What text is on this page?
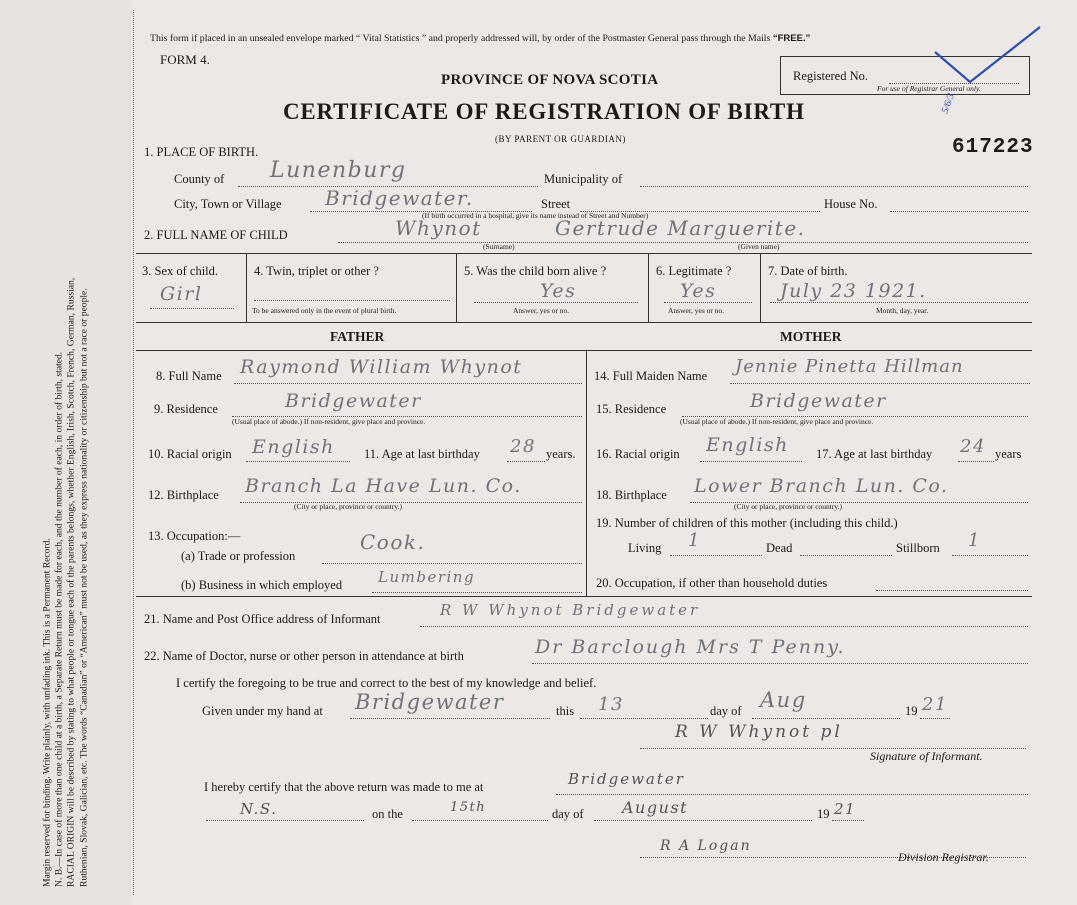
Margin reserved for binding. Write plainly, with unfading ink. This is a Permanent Record. N. B.—In case of more than one child at a birth, a Separate Return must be made for each, and the number of each, in order of birth, stated. RACIAL ORIGIN will be described by stating to what people or tongue each of the parents belongs, whether English, Irish, Scotch, French, German, Russian, Ruthenian, Slovak, Galician, etc. The words “Canadian” or “American” must not be used, as they express nationality or citizenship but not a race or people.
This form if placed in an unsealed envelope marked “ Vital Statistics ” and properly addressed will, by order of the Postmaster General pass through the Mails “FREE.”
FORM 4.
PROVINCE OF NOVA SCOTIA
CERTIFICATE OF REGISTRATION OF BIRTH
(BY PARENT OR GUARDIAN)
Registered No.
For use of Registrar General only.
5/6/3
617223
1. PLACE OF BIRTH.
County of Lunenburg	Municipality of
City, Town or Village Bridgewater.	Street	House No.
(If birth occurred in a hospital, give its name instead of Street and Number)
2. FULL NAME OF CHILD	Whynot	Gertrude Marguerite.
(Surname)	(Given name)
3. Sex of child.
Girl
4. Twin, triplet or other ?
To be answered only in the event of plural birth.
5. Was the child born alive ?
Yes
Answer, yes or no.
6. Legitimate ?
Yes
Answer, yes or no.
7. Date of birth.
July 23 1921.
Month, day, year.
FATHER	MOTHER
8. Full Name Raymond William Whynot
9. Residence	Bridgewater
(Usual place of abode.) If non-resident, give place and province.
10. Racial origin English 11. Age at last birthday 28 years.
12. Birthplace Branch La Have Lun. Co.
(City or place, province or country.)
13. Occupation:—
(a) Trade or profession
Cook.
(b) Business in which employed Lumbering
14. Full Maiden Name Jennie Pinetta Hillman
15. Residence	Bridgewater
(Usual place of abode.) If non-resident, give place and province.
16. Racial origin English 17. Age at last birthday 24 years
18. Birthplace Lower Branch Lun. Co.
(City or place, province or country.)
19. Number of children of this mother (including this child.)
Living 1	Dead	Stillborn 1
20. Occupation, if other than household duties
21. Name and Post Office address of Informant	R W Whynot Bridgewater
22. Name of Doctor, nurse or other person in attendance at birth	Dr Barclough Mrs T Penny.
I certify the foregoing to be true and correct to the best of my knowledge and belief.
Given under my hand at Bridgewater	this 13	day of Aug	19 21
R W Whynot pl
Signature of Informant.
I hereby certify that the above return was made to me at	Bridgewater
N.S.	on the	15th	day of August	19 21
R A Logan
Division Registrar.
